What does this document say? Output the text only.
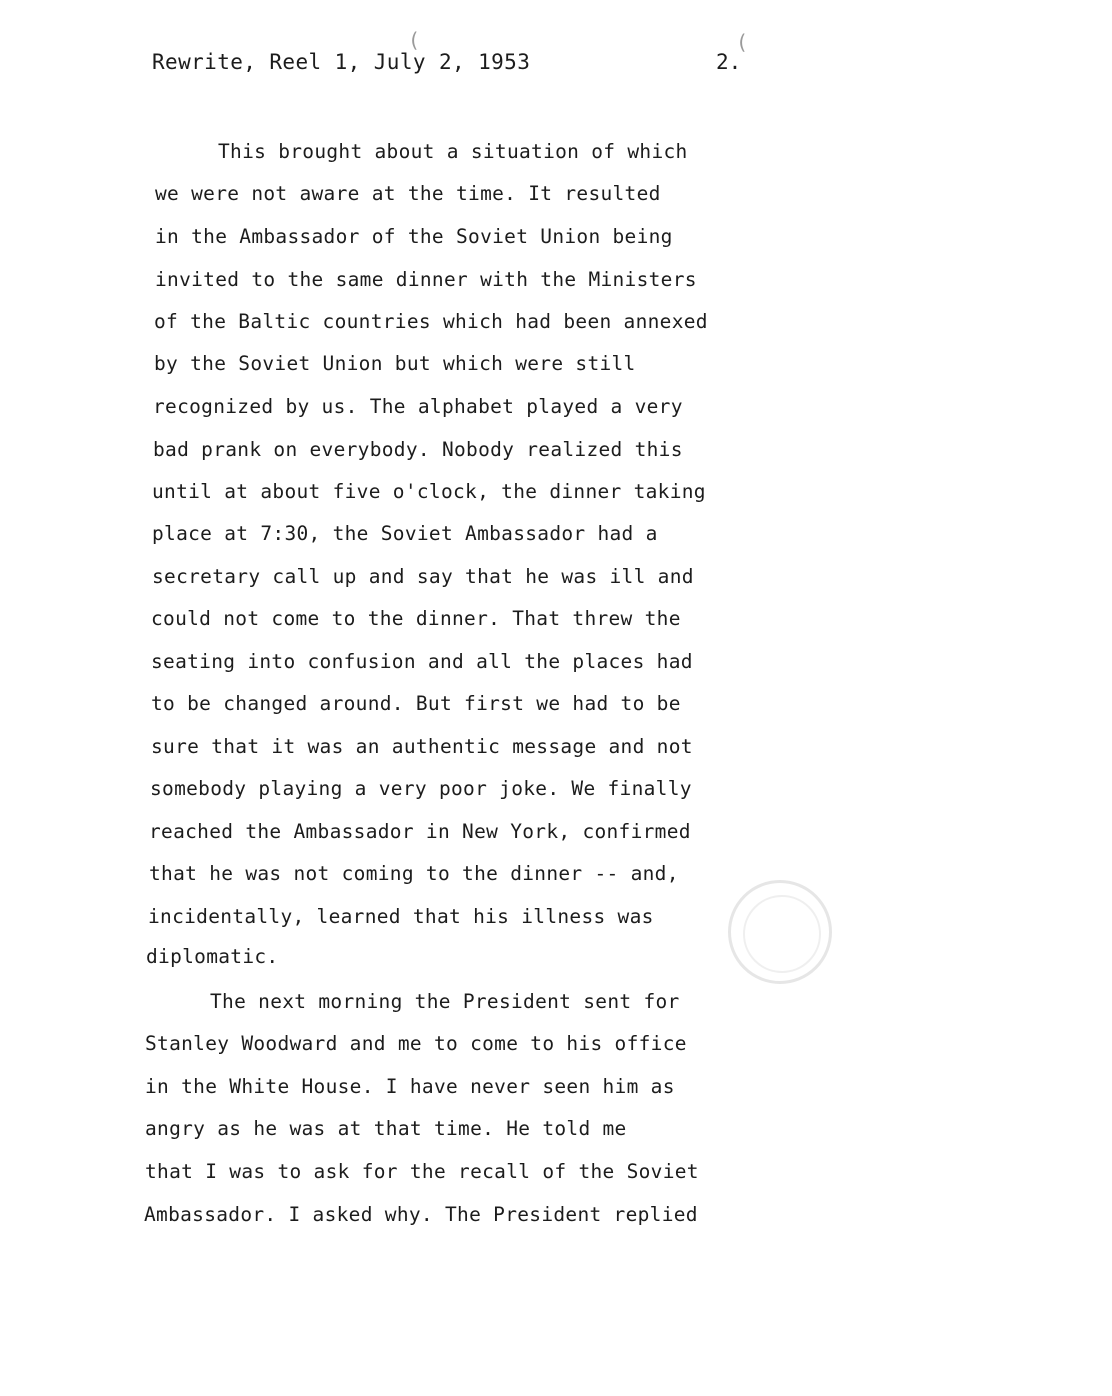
Rewrite, Reel 1, July 2, 1953	2.
(	(
This brought about a situation of which
we were not aware at the time. It resulted
in the Ambassador of the Soviet Union being
invited to the same dinner with the Ministers
of the Baltic countries which had been annexed
by the Soviet Union but which were still
recognized by us. The alphabet played a very
bad prank on everybody. Nobody realized this
until at about five o'clock, the dinner taking
place at 7:30, the Soviet Ambassador had a
secretary call up and say that he was ill and
could not come to the dinner. That threw the
seating into confusion and all the places had
to be changed around. But first we had to be
sure that it was an authentic message and not
somebody playing a very poor joke. We finally
reached the Ambassador in New York, confirmed
that he was not coming to the dinner -- and,
incidentally, learned that his illness was
diplomatic.
The next morning the President sent for
Stanley Woodward and me to come to his office
in the White House. I have never seen him as
angry as he was at that time. He told me
that I was to ask for the recall of the Soviet
Ambassador. I asked why. The President replied
